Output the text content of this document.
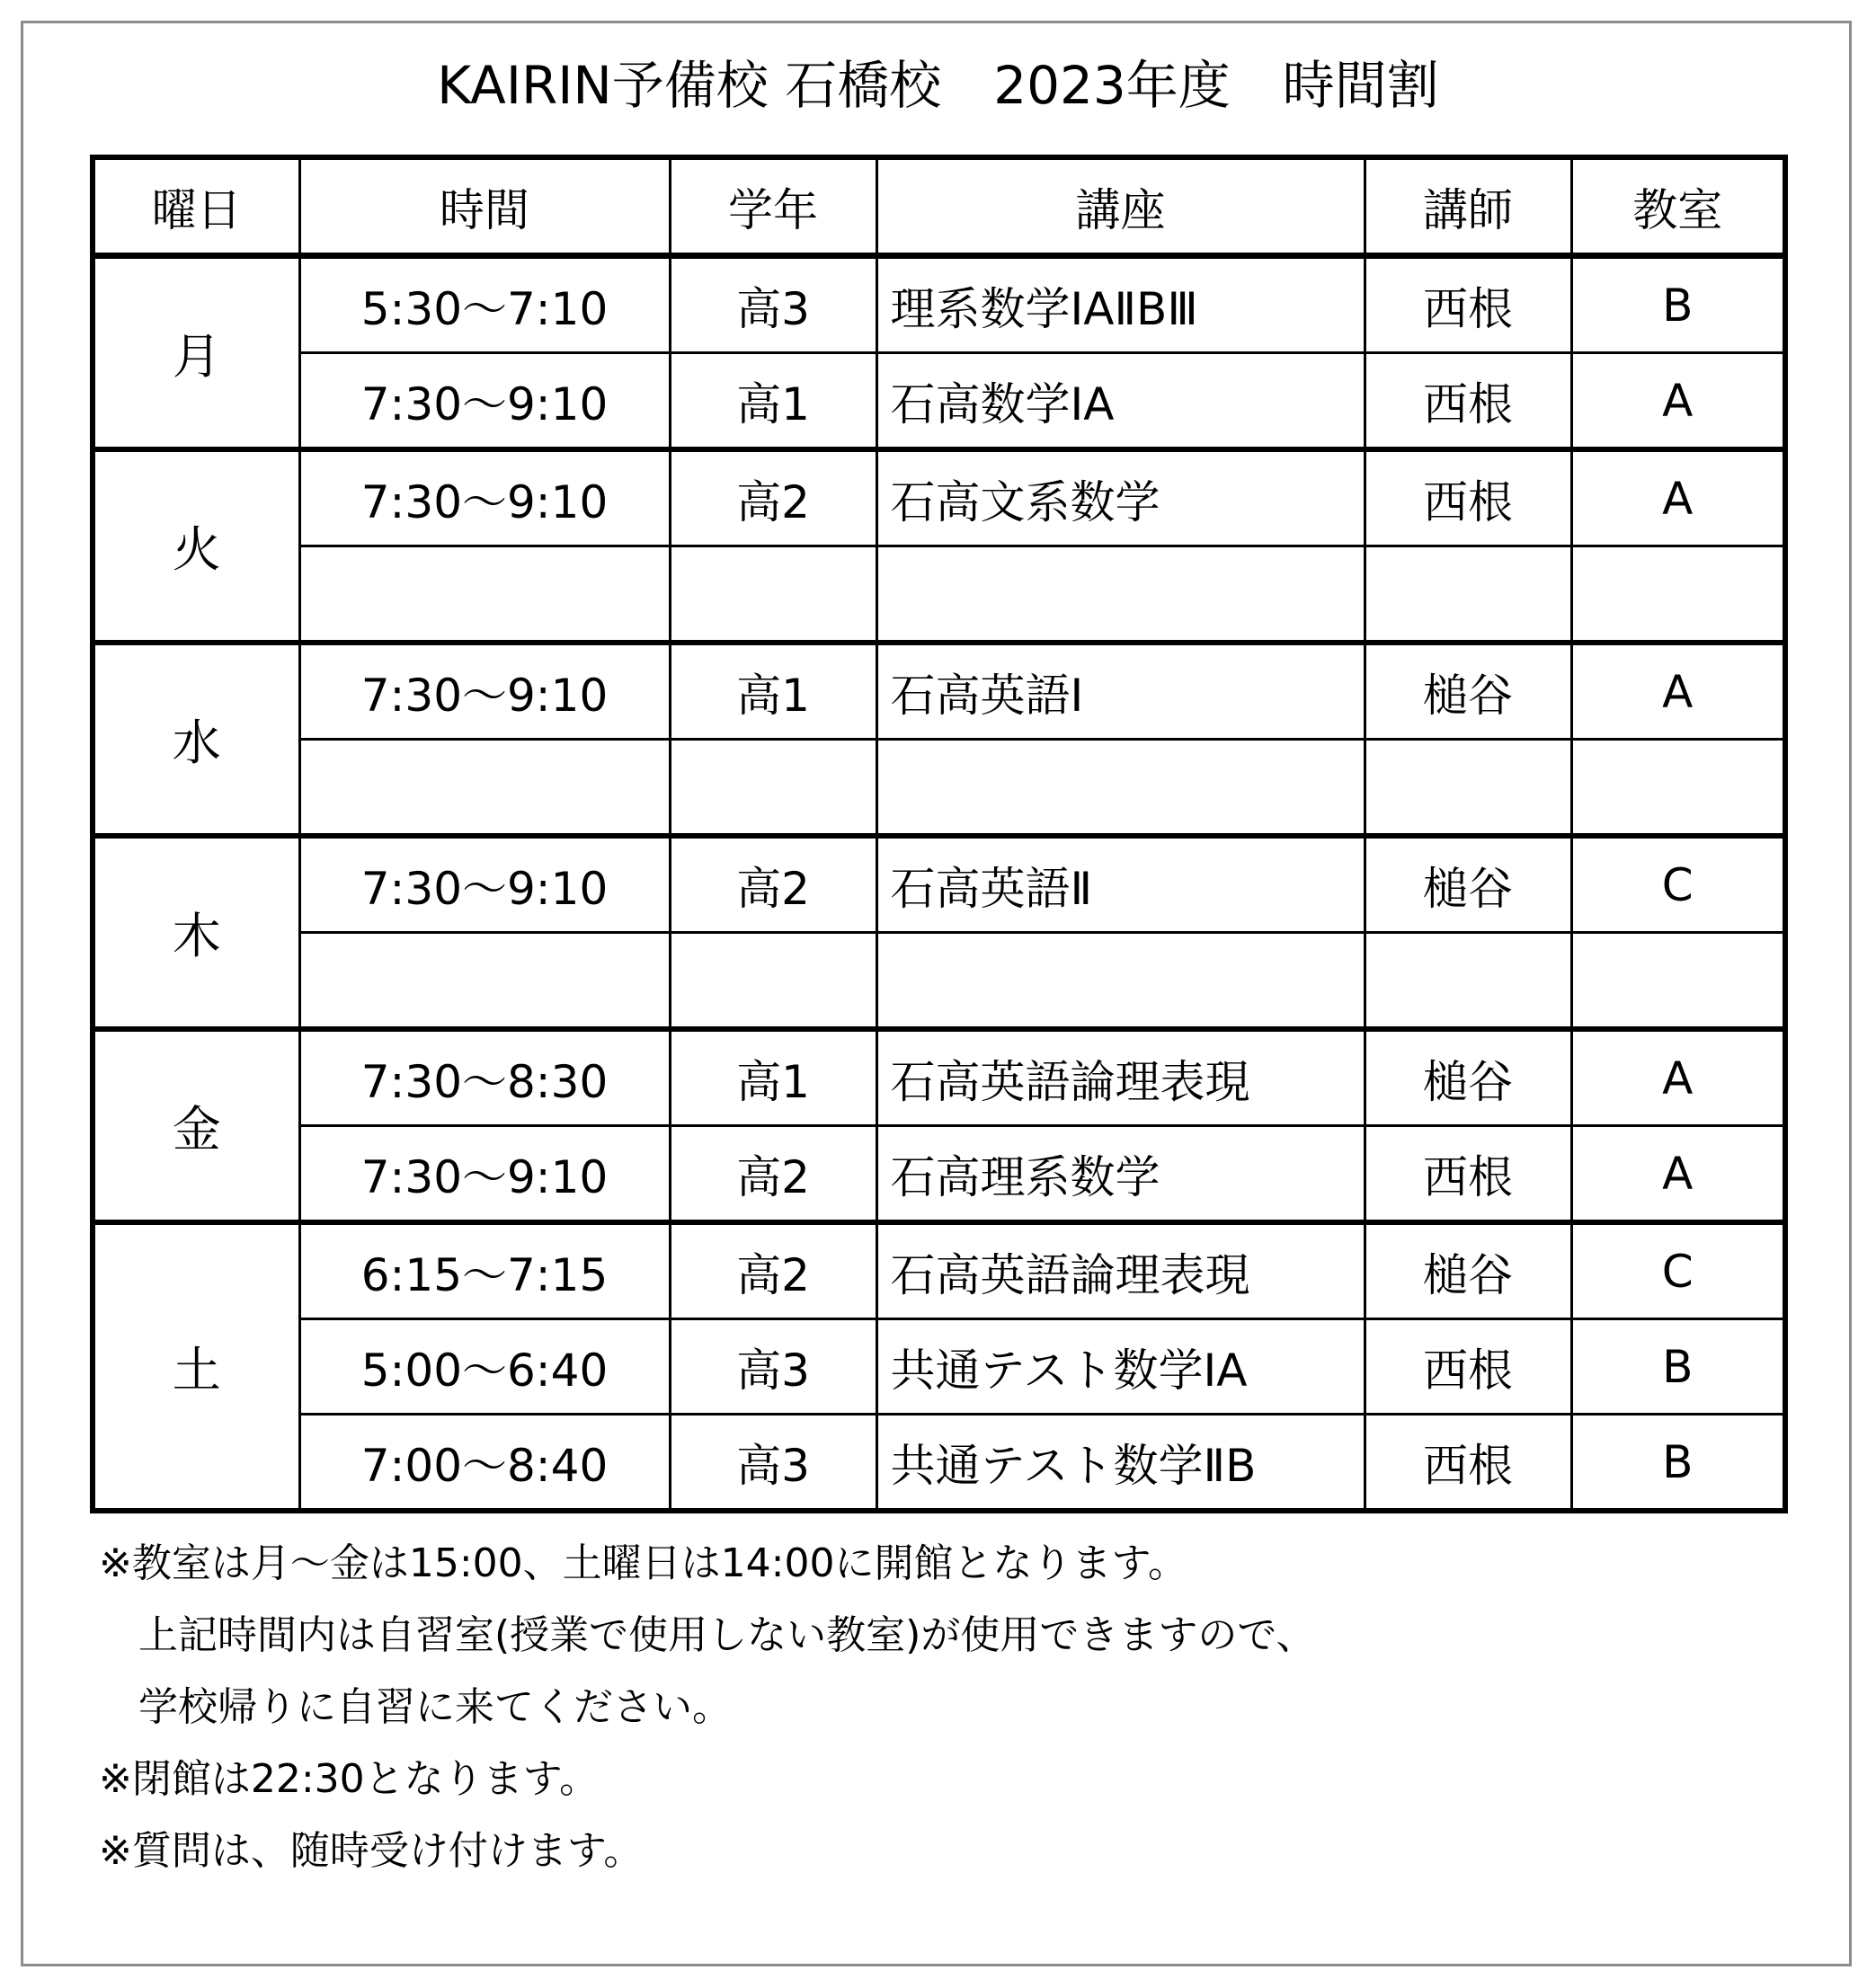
KAIRIN予備校 石橋校　2023年度　時間割
曜日	時間	学年	講座	講師	教室
月	5:30～7:10	高3	理系数学ⅠAⅡBⅢ	西根	B
	7:30～9:10	高1	石高数学ⅠA	西根	A
火	7:30～9:10	高2	石高文系数学	西根	A

水	7:30～9:10	高1	石高英語Ⅰ	槌谷	A

木	7:30～9:10	高2	石高英語Ⅱ	槌谷	C

金	7:30～8:30	高1	石高英語論理表現	槌谷	A
	7:30～9:10	高2	石高理系数学	西根	A
土	6:15～7:15	高2	石高英語論理表現	槌谷	C
	5:00～6:40	高3	共通テスト数学ⅠA	西根	B
	7:00～8:40	高3	共通テスト数学ⅡB	西根	B
※教室は月～金は15:00、土曜日は14:00に開館となります。
　上記時間内は自習室(授業で使用しない教室)が使用できますので、
　学校帰りに自習に来てください。
※閉館は22:30となります。
※質問は、随時受け付けます。
